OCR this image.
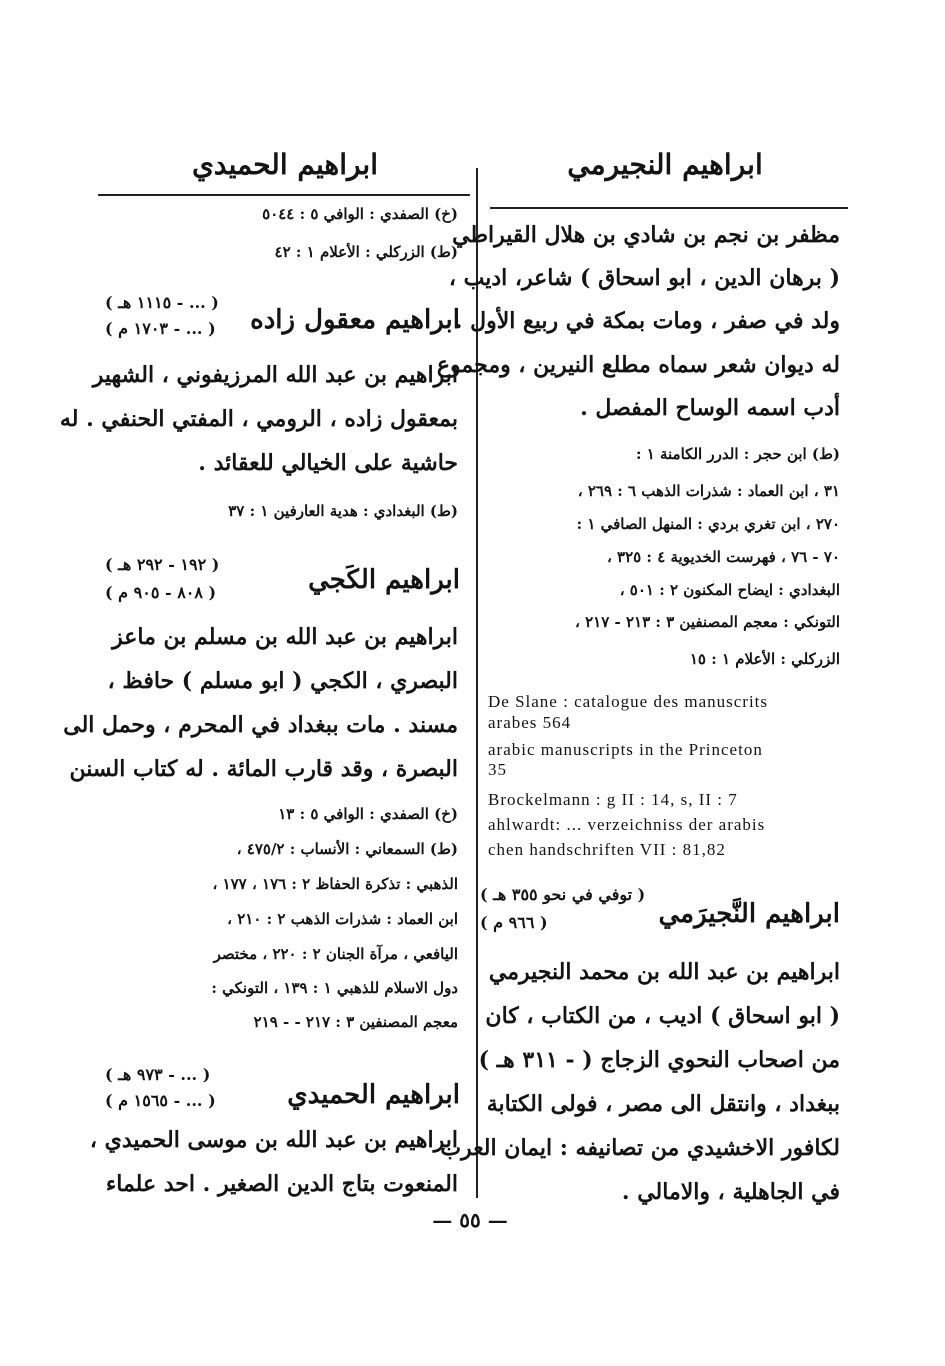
ابراهيم الحميدي	ابراهيم النجيرمي
مظفر بن نجم بن شادي بن هلال القيراطي
( برهان الدين ، ابو اسحاق ) شاعر، اديب ،
ولد في صفر ، ومات بمكة في ربيع الأول .
له ديوان شعر سماه مطلع النيرين ، ومجموع
أدب اسمه الوساح المفصل .
(ط) ابن حجر : الدرر الكامنة ١ :
٣١ ، ابن العماد : شذرات الذهب ٦ : ٢٦٩ ،
٢٧٠ ، ابن تغري بردي : المنهل الصافي ١ :
٧٠ - ٧٦ ، فهرست الخديوية ٤ : ٣٢٥ ،
البغدادي : ايضاح المكنون ٢ : ٥٠١ ،
التونكي : معجم المصنفين ٣ : ٢١٣ - ٢١٧ ،
الزركلي : الأعلام ١ : ١٥
De Slane : catalogue des manuscrits
arabes 564
arabic manuscripts in the Princeton
35
Brockelmann : g II : 14, s, II : 7
ahlwardt: ... verzeichniss der arabis
chen handschriften VII : 81,82
ابراهيم النَّجيرَمي
( توفي في نحو ٣٥٥ هـ )
( ٩٦٦ م )
ابراهيم بن عبد الله بن محمد النجيرمي
( ابو اسحاق ) اديب ، من الكتاب ، كان
من اصحاب النحوي الزجاج ( - ٣١١ هـ )
ببغداد ، وانتقل الى مصر ، فولى الكتابة
لكافور الاخشيدي من تصانيفه : ايمان العرب
في الجاهلية ، والامالي .
(خ) الصفدي : الوافي ٥ : ٥٠٤٤
(ط) الزركلي : الأعلام ١ : ٤٢
ابراهيم معقول زاده
( ... - ١١١٥ هـ )
( ... - ١٧٠٣ م )
ابراهيم بن عبد الله المرزيفوني ، الشهير
بمعقول زاده ، الرومي ، المفتي الحنفي . له
حاشية على الخيالي للعقائد .
(ط) البغدادي : هدية العارفين ١ : ٣٧
ابراهيم الكَجي
( ١٩٢ - ٢٩٢ هـ )
( ٨٠٨ - ٩٠٥ م )
ابراهيم بن عبد الله بن مسلم بن ماعز
البصري ، الكجي ( ابو مسلم ) حافظ ،
مسند . مات ببغداد في المحرم ، وحمل الى
البصرة ، وقد قارب المائة . له كتاب السنن
(خ) الصفدي : الوافي ٥ : ١٣
(ط) السمعاني : الأنساب : ٤٧٥/٢ ،
الذهبي : تذكرة الحفاظ ٢ : ١٧٦ ، ١٧٧ ،
ابن العماد : شذرات الذهب ٢ : ٢١٠ ،
اليافعي ، مرآة الجنان ٢ : ٢٢٠ ، مختصر
دول الاسلام للذهبي ١ : ١٣٩ ، التونكي :
معجم المصنفين ٣ : ٢١٧ - - ٢١٩
ابراهيم الحميدي
( ... - ٩٧٣ هـ )
( ... - ١٥٦٥ م )
ابراهيم بن عبد الله بن موسى الحميدي ،
المنعوت بتاج الدين الصغير . احد علماء
— ٥٥ —
